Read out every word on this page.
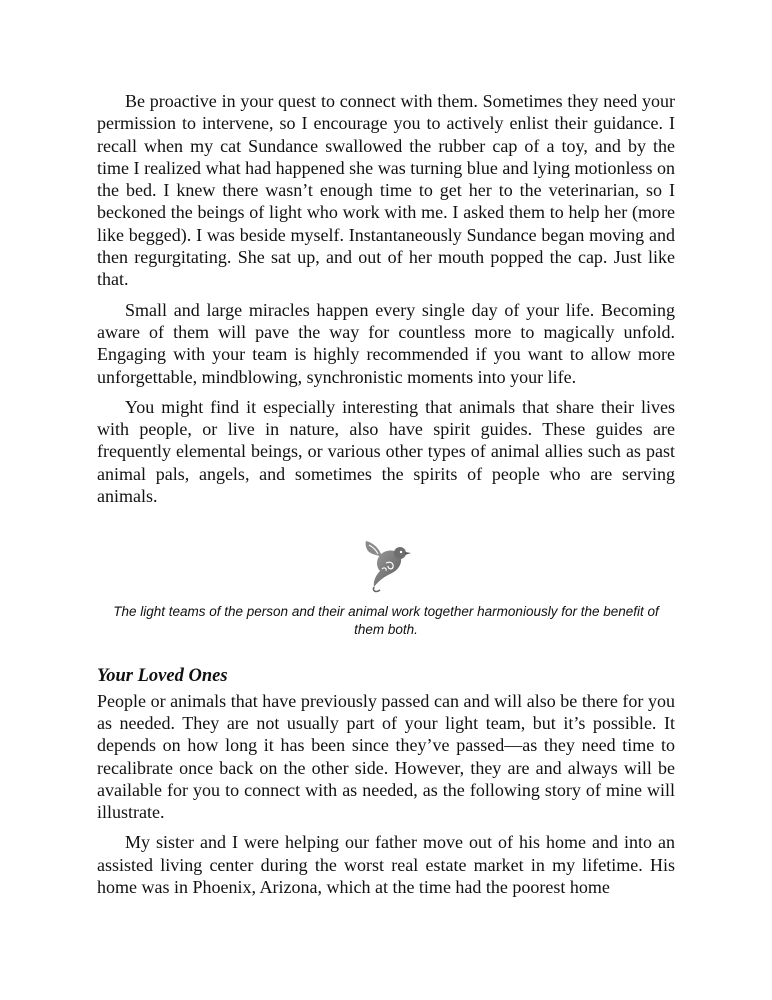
Be proactive in your quest to connect with them. Sometimes they need your permission to intervene, so I encourage you to actively enlist their guidance. I recall when my cat Sundance swallowed the rubber cap of a toy, and by the time I realized what had happened she was turning blue and lying motionless on the bed. I knew there wasn’t enough time to get her to the veterinarian, so I beckoned the beings of light who work with me. I asked them to help her (more like begged). I was beside myself. Instantaneously Sundance began moving and then regurgitating. She sat up, and out of her mouth popped the cap. Just like that.

Small and large miracles happen every single day of your life. Becoming aware of them will pave the way for countless more to magically unfold. Engaging with your team is highly recommended if you want to allow more unforgettable, mindblowing, synchronistic moments into your life.

You might find it especially interesting that animals that share their lives with people, or live in nature, also have spirit guides. These guides are frequently elemental beings, or various other types of animal allies such as past animal pals, angels, and sometimes the spirits of people who are serving animals.

The light teams of the person and their animal work together harmoniously for the benefit of them both.

Your Loved Ones

People or animals that have previously passed can and will also be there for you as needed. They are not usually part of your light team, but it’s possible. It depends on how long it has been since they’ve passed—as they need time to recalibrate once back on the other side. However, they are and always will be available for you to connect with as needed, as the following story of mine will illustrate.

My sister and I were helping our father move out of his home and into an assisted living center during the worst real estate market in my lifetime. His home was in Phoenix, Arizona, which at the time had the poorest home
